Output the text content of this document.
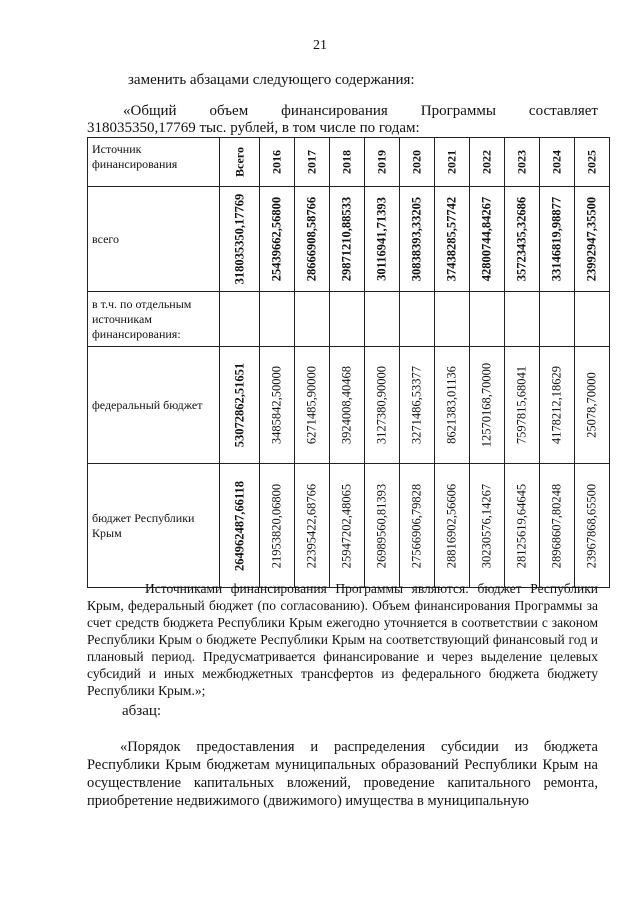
21
заменить абзацами следующего содержания:
«Общий объем финансирования Программы составляет
318035350,17769 тыс. рублей, в том числе по годам:
Источник финансирования	Всего	2016	2017	2018	2019	2020	2021	2022	2023	2024	2025

всего	318035350,17769	25439662,56800	28666908,58766	29871210,88533	30116941,71393	30838393,33205	37438285,57742	42800744,84267	35723435,32686	33146819,98877	23992947,35500

в т.ч. по отдельным источникам финансирования:											
федеральный бюджет	53072862,51651	3485842,50000	6271485,90000	3924008,40468	3127380,90000	3271486,53377	8621383,01136	12570168,70000	7597815,68041	4178212,18629	25078,70000

бюджет Республики Крым	264962487,66118	21953820,06800	22395422,68766	25947202,48065	26989560,81393	27566906,79828	28816902,56606	30230576,14267	28125619,64645	28968607,80248	23967868,65500
Источниками финансирования Программы являются: бюджет Республики Крым, федеральный бюджет (по согласованию). Объем финансирования Программы за счет средств бюджета Республики Крым ежегодно уточняется в соответствии с законом Республики Крым о бюджете Республики Крым на соответствующий финансовый год и плановый период. Предусматривается финансирование и через выделение целевых субсидий и иных межбюджетных трансфертов из федерального бюджета бюджету Республики Крым.»;
абзац:
«Порядок предоставления и распределения субсидии из бюджета Республики Крым бюджетам муниципальных образований Республики Крым на осуществление капитальных вложений, проведение капитального ремонта, приобретение недвижимого (движимого) имущества в муниципальную
